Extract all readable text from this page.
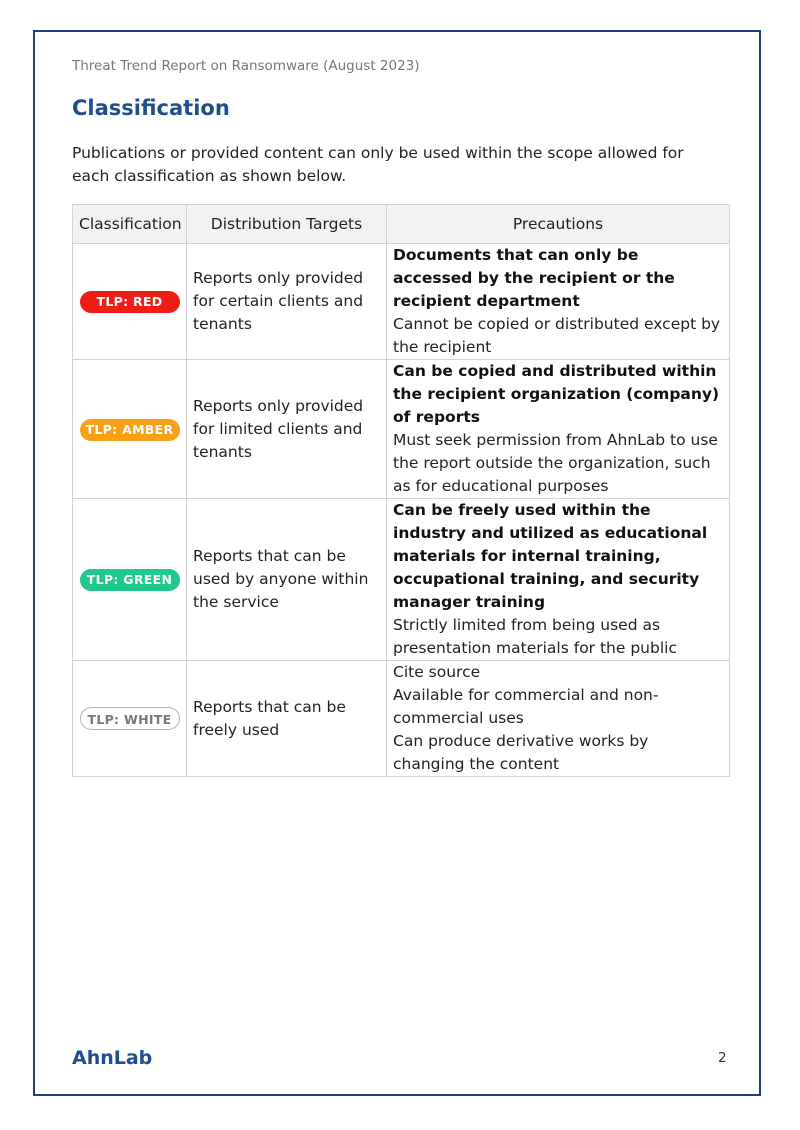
Threat Trend Report on Ransomware (August 2023)
Classification

Publications or provided content can only be used within the scope allowed for each classification as shown below.

Classification	Distribution Targets	Precautions
TLP: RED	Reports only provided for certain clients and tenants	Documents that can only be accessed by the recipient or the recipient department
Cannot be copied or distributed except by the recipient

TLP: AMBER	Reports only provided for limited clients and tenants	Can be copied and distributed within the recipient organization (company) of reports
Must seek permission from AhnLab to use the report outside the organization, such as for educational purposes

TLP: GREEN	Reports that can be used by anyone within the service	Can be freely used within the industry and utilized as educational materials for internal training, occupational training, and security manager training
Strictly limited from being used as presentation materials for the public

TLP: WHITE	Reports that can be freely used	Cite source
Available for commercial and non-commercial uses
Can produce derivative works by changing the content
AhnLab	2
